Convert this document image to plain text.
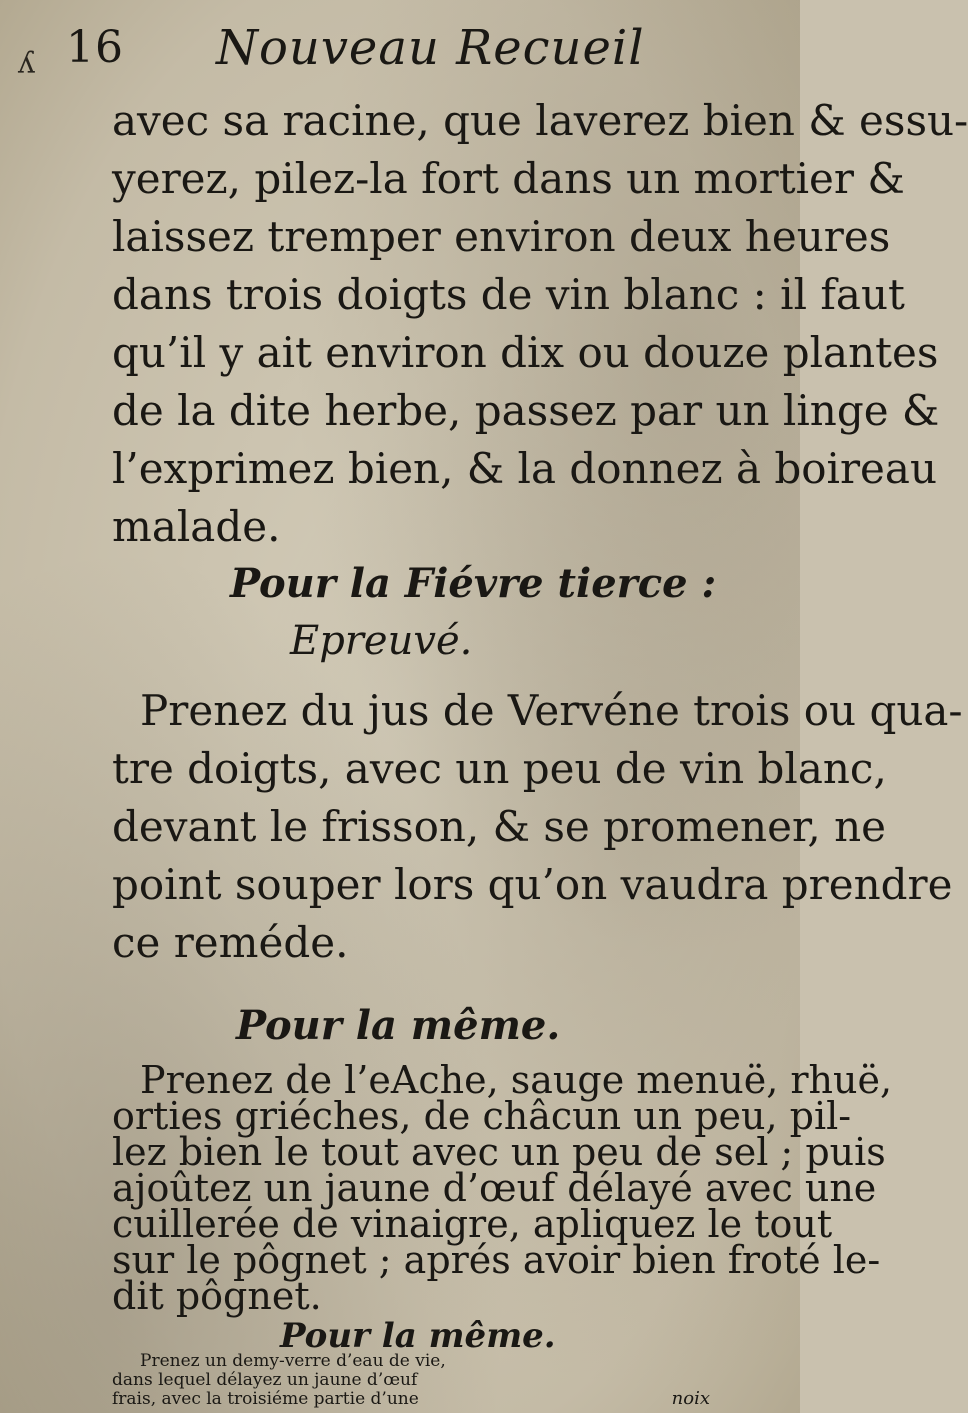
ʎ 16 Nouveau Recueil
avec sa racine, que laverez bien & essu-
yerez, pilez-la fort dans un mortier &
laissez tremper environ deux heures
dans trois doigts de vin blanc : il faut
qu’il y ait environ dix ou douze plantes
de la dite herbe, passez par un linge &
l’exprimez bien, & la donnez à boireau
malade.
Pour la Fiévre tierce :
Epreuvé.
Prenez du jus de Vervéne trois ou qua-
tre doigts, avec un peu de vin blanc,
devant le frisson, & se promener, ne
point souper lors qu’on vaudra prendre
ce reméde.
Pour la même.
Prenez de l’eAche, sauge menuë, rhuë,
orties griéches, de châcun un peu, pil-
lez bien le tout avec un peu de sel ; puis
ajoûtez un jaune d’œuf délayé avec une
cuillerée de vinaigre, apliquez le tout
sur le pôgnet ; aprés avoir bien froté le-
dit pôgnet.
Pour la même.
Prenez un demy-verre d’eau de vie,
dans lequel délayez un jaune d’œuf
frais, avec la troisiéme partie d’une	noix
